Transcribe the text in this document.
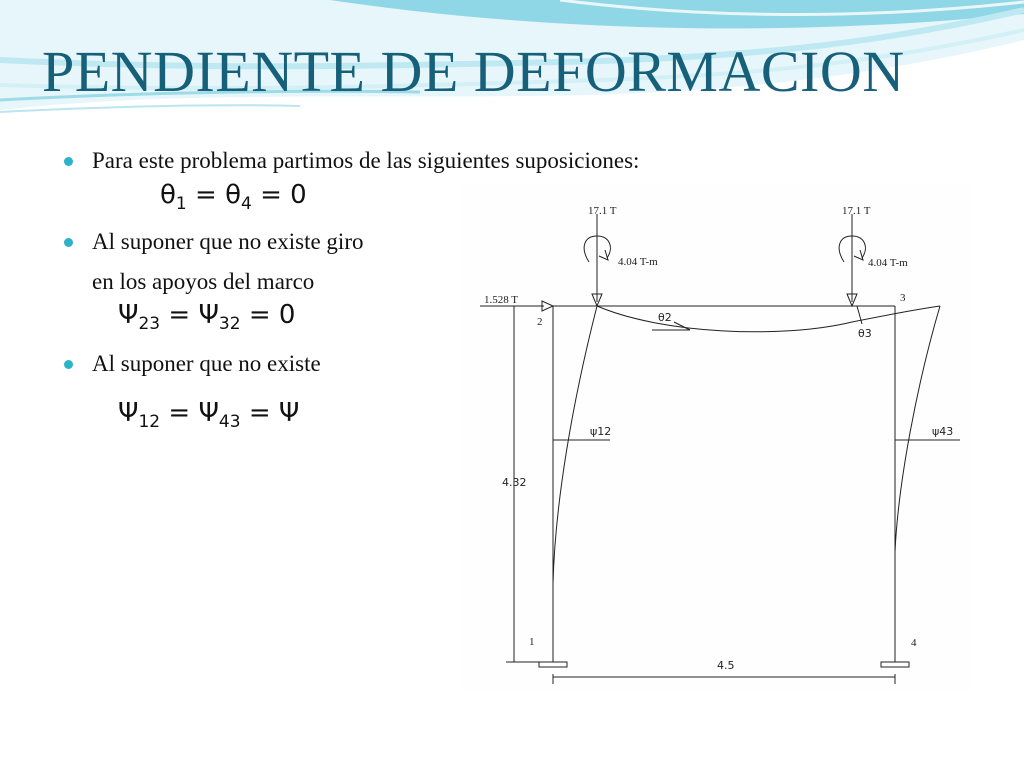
PENDIENTE DE DEFORMACION
Para este problema partimos de las siguientes suposiciones:
$\theta_1 = \theta_4 = 0$
Al suponer que no existe giro
en los apoyos del marco
$\Psi_{23} = \Psi_{32} = 0$
Al suponer que no existe
$\Psi_{12} = \Psi_{43} = \Psi$
17.1 T	17.1 T
4.04 T-m	4.04 T-m
1.528 T
2
3
1	4
θ2
θ3
ψ12	ψ43
4.32
4.5
